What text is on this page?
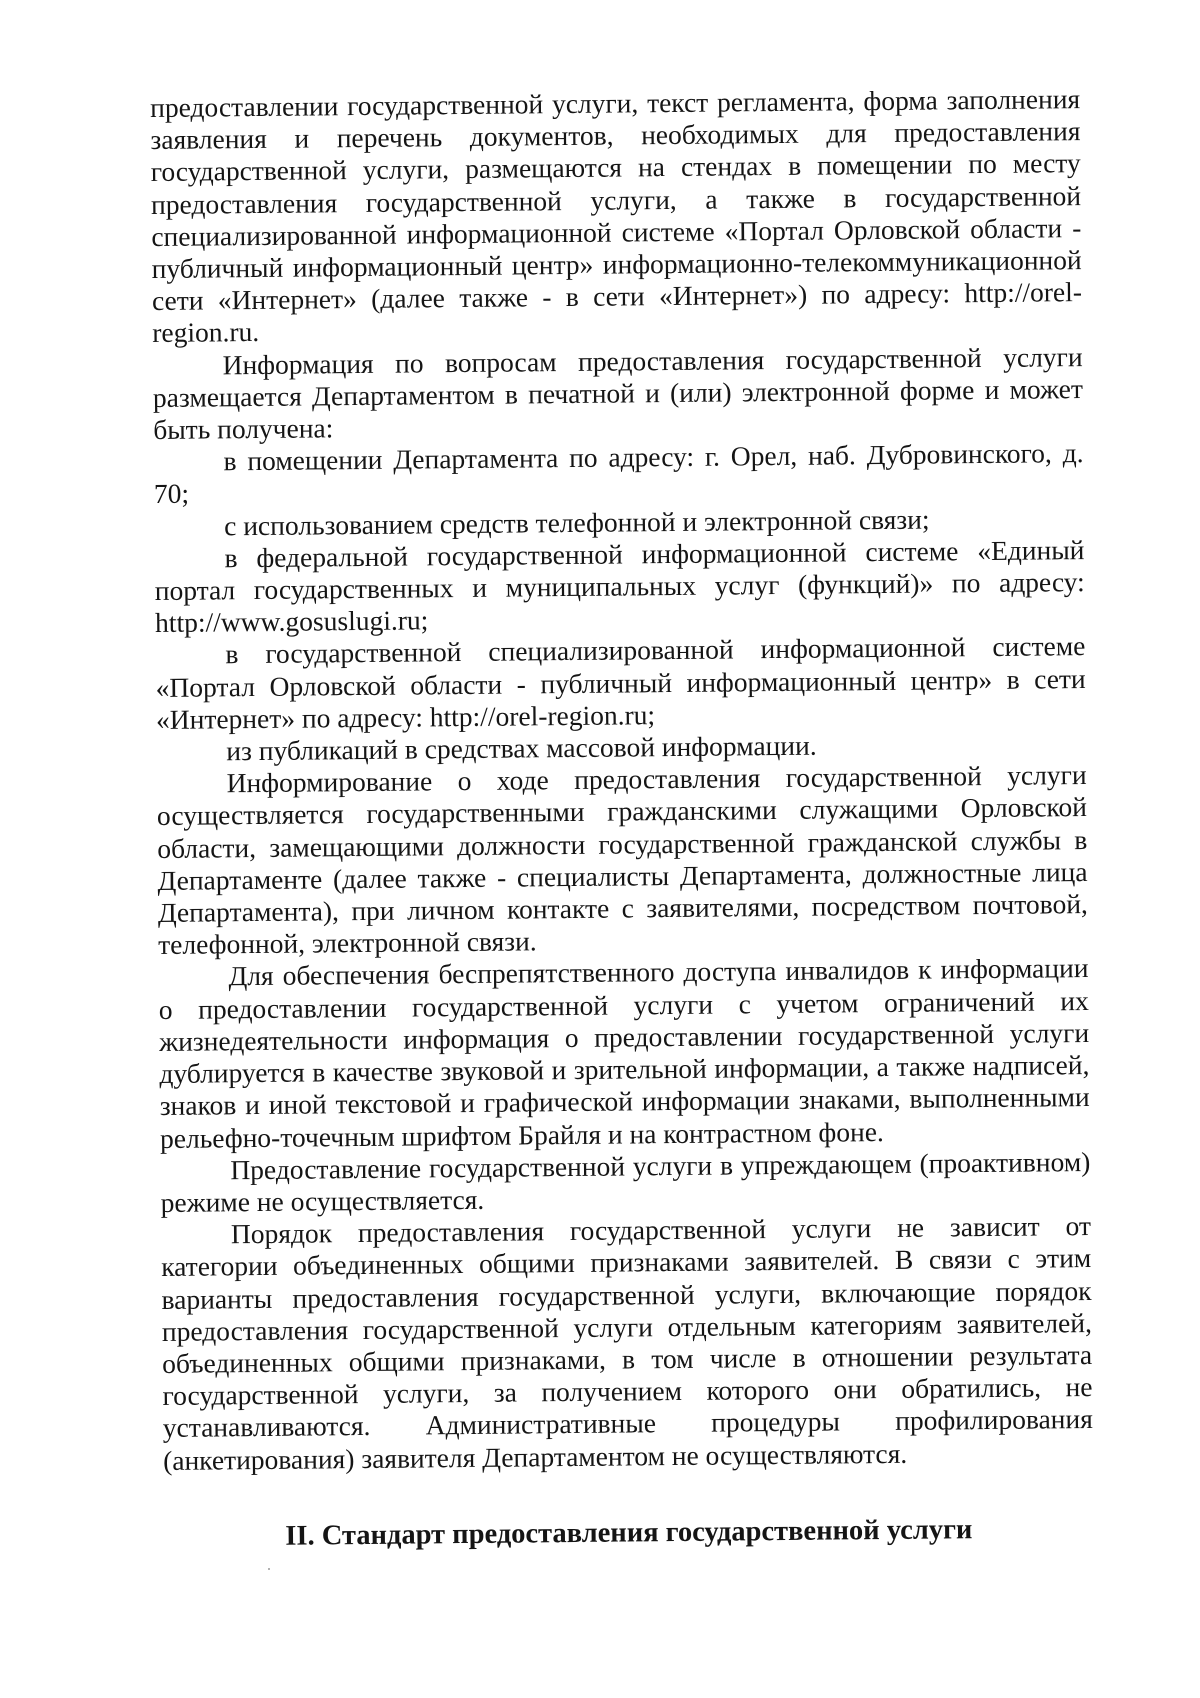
предоставлении государственной услуги, текст регламента, форма заполнения заявления и перечень документов, необходимых для предоставления государственной услуги, размещаются на стендах в помещении по месту предоставления государственной услуги, а также в государственной специализированной информационной системе «Портал Орловской области - публичный информационный центр» информационно-телекоммуникационной сети «Интернет» (далее также - в сети «Интернет») по адресу: http://orel-region.ru.

Информация по вопросам предоставления государственной услуги размещается Департаментом в печатной и (или) электронной форме и может быть получена:

в помещении Департамента по адресу: г. Орел, наб. Дубровинского, д. 70;

с использованием средств телефонной и электронной связи;

в федеральной государственной информационной системе «Единый портал государственных и муниципальных услуг (функций)» по адресу: http://www.gosuslugi.ru;

в государственной специализированной информационной системе «Портал Орловской области - публичный информационный центр» в сети «Интернет» по адресу: http://orel-region.ru;

из публикаций в средствах массовой информации.

Информирование о ходе предоставления государственной услуги осуществляется государственными гражданскими служащими Орловской области, замещающими должности государственной гражданской службы в Департаменте (далее также - специалисты Департамента, должностные лица Департамента), при личном контакте с заявителями, посредством почтовой, телефонной, электронной связи.

Для обеспечения беспрепятственного доступа инвалидов к информации о предоставлении государственной услуги с учетом ограничений их жизнедеятельности информация о предоставлении государственной услуги дублируется в качестве звуковой и зрительной информации, а также надписей, знаков и иной текстовой и графической информации знаками, выполненными рельефно-точечным шрифтом Брайля и на контрастном фоне.

Предоставление государственной услуги в упреждающем (проактивном) режиме не осуществляется.

Порядок предоставления государственной услуги не зависит от категории объединенных общими признаками заявителей. В связи с этим варианты предоставления государственной услуги, включающие порядок предоставления государственной услуги отдельным категориям заявителей, объединенных общими признаками, в том числе в отношении результата государственной услуги, за получением которого они обратились, не устанавливаются. Административные процедуры профилирования (анкетирования) заявителя Департаментом не осуществляются.

II. Стандарт предоставления государственной услуги
